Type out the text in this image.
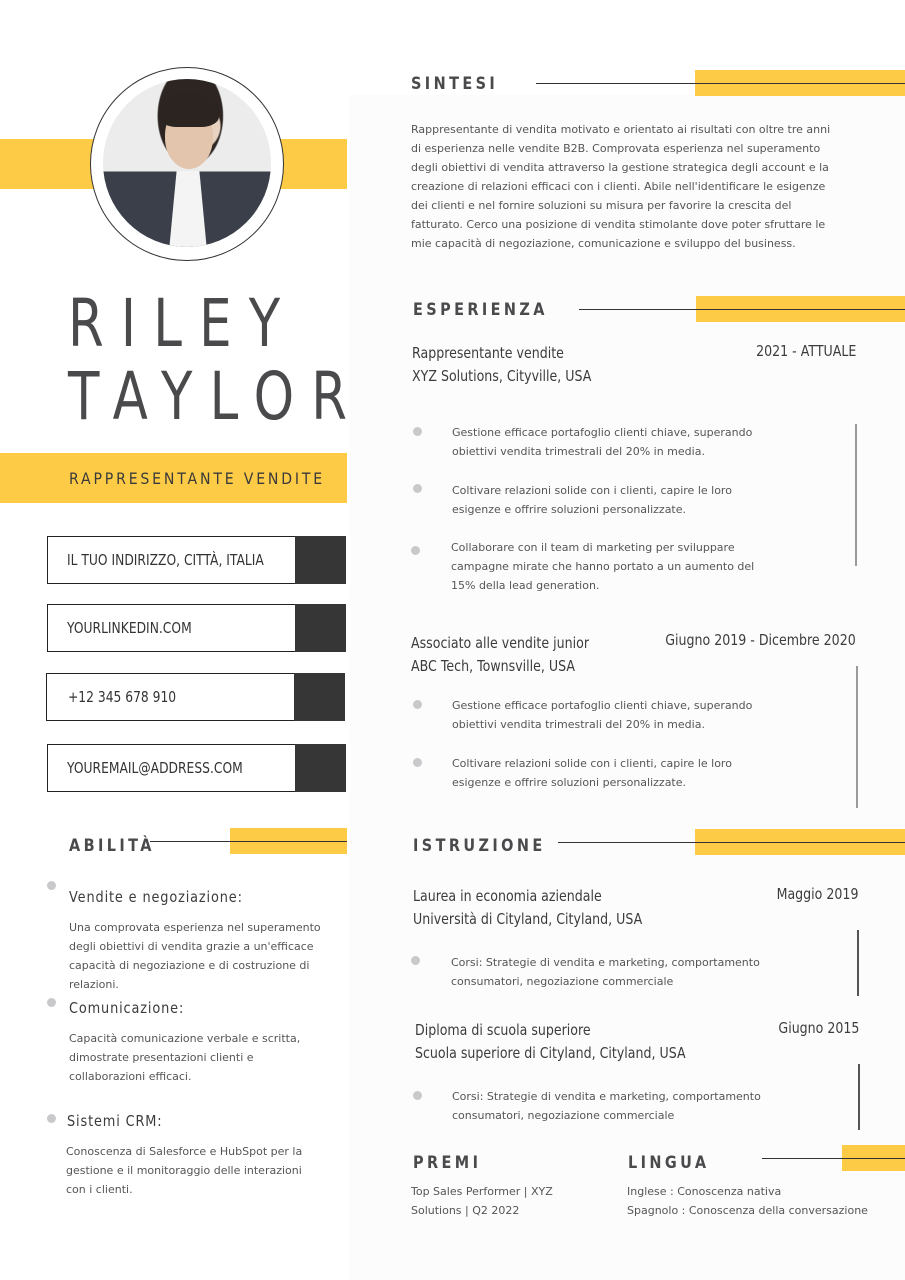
RILEY
TAYLOR
RAPPRESENTANTE VENDITE
IL TUO INDIRIZZO, CITTÀ, ITALIA
YOURLINKEDIN.COM
+12 345 678 910
YOUREMAIL@ADDRESS.COM
ABILITÀ
Vendite e negoziazione:
Una comprovata esperienza nel superamento degli obiettivi di vendita grazie a un'efficace capacità di negoziazione e di costruzione di relazioni.
Comunicazione:
Capacità comunicazione verbale e scritta, dimostrate presentazioni clienti e collaborazioni efficaci.
Sistemi CRM:
Conoscenza di Salesforce e HubSpot per la gestione e il monitoraggio delle interazioni con i clienti.
SINTESI
Rappresentante di vendita motivato e orientato ai risultati con oltre tre anni di esperienza nelle vendite B2B. Comprovata esperienza nel superamento degli obiettivi di vendita attraverso la gestione strategica degli account e la creazione di relazioni efficaci con i clienti. Abile nell'identificare le esigenze dei clienti e nel fornire soluzioni su misura per favorire la crescita del fatturato. Cerco una posizione di vendita stimolante dove poter sfruttare le mie capacità di negoziazione, comunicazione e sviluppo del business.
ESPERIENZA
Rappresentante vendite
XYZ Solutions, Cityville, USA
2021 - ATTUALE
Gestione efficace portafoglio clienti chiave, superando obiettivi vendita trimestrali del 20% in media.
Coltivare relazioni solide con i clienti, capire le loro esigenze e offrire soluzioni personalizzate.
Collaborare con il team di marketing per sviluppare campagne mirate che hanno portato a un aumento del 15% della lead generation.
Associato alle vendite junior
ABC Tech, Townsville, USA
Giugno 2019 - Dicembre 2020
Gestione efficace portafoglio clienti chiave, superando obiettivi vendita trimestrali del 20% in media.
Coltivare relazioni solide con i clienti, capire le loro esigenze e offrire soluzioni personalizzate.
ISTRUZIONE
Laurea in economia aziendale
Università di Cityland, Cityland, USA
Maggio 2019
Corsi: Strategie di vendita e marketing, comportamento consumatori, negoziazione commerciale
Diploma di scuola superiore
Scuola superiore di Cityland, Cityland, USA
Giugno 2015
Corsi: Strategie di vendita e marketing, comportamento consumatori, negoziazione commerciale
PREMI
Top Sales Performer | XYZ Solutions | Q2 2022
LINGUA
Inglese : Conoscenza nativa
Spagnolo : Conoscenza della conversazione
